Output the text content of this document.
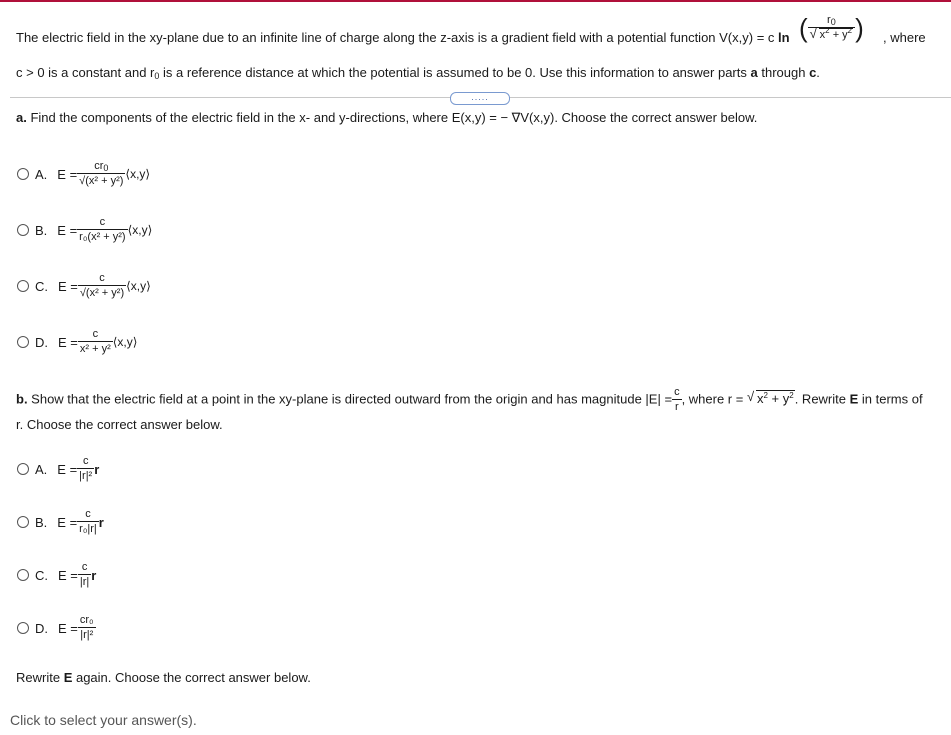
The electric field in the xy-plane due to an infinite line of charge along the z-axis is a gradient field with a potential function V(x,y) = c ln ( $\frac{r_0}{√ x^2 + y^2}$ ) , where
c > 0 is a constant and $r_0$ is a reference distance at which the potential is assumed to be 0. Use this information to answer parts a through c.
.....
a. Find the components of the electric field in the x- and y-directions, where E(x,y) = − ∇V(x,y). Choose the correct answer below.
A. $E = \frac{cr_0}{\text{√(x² + y²)}}$ ⟨x,y⟩
B. $E = \frac{c}{\text{r₀(x² + y²)}}$ ⟨x,y⟩
C. $E = \frac{c}{\text{√(x² + y²)}}$ ⟨x,y⟩
D. $E = \frac{c}{\text{x² + y²}}$ ⟨x,y⟩
b. Show that the electric field at a point in the xy-plane is directed outward from the origin and has magnitude $|E| = \frac{c}{r}$ , where r = √ $x^2 + y^2$. Rewrite E in terms of
r. Choose the correct answer below.
A. $E = \frac{c}{\text{|r|²}}$ r
B. $E = \frac{c}{\text{r₀|r|}}$ r
C. $E = \frac{c}{|r|}$ r
D. $E = \frac{\text{cr₀}}{\text{|r|²}}$
Rewrite E again. Choose the correct answer below.
Click to select your answer(s).
